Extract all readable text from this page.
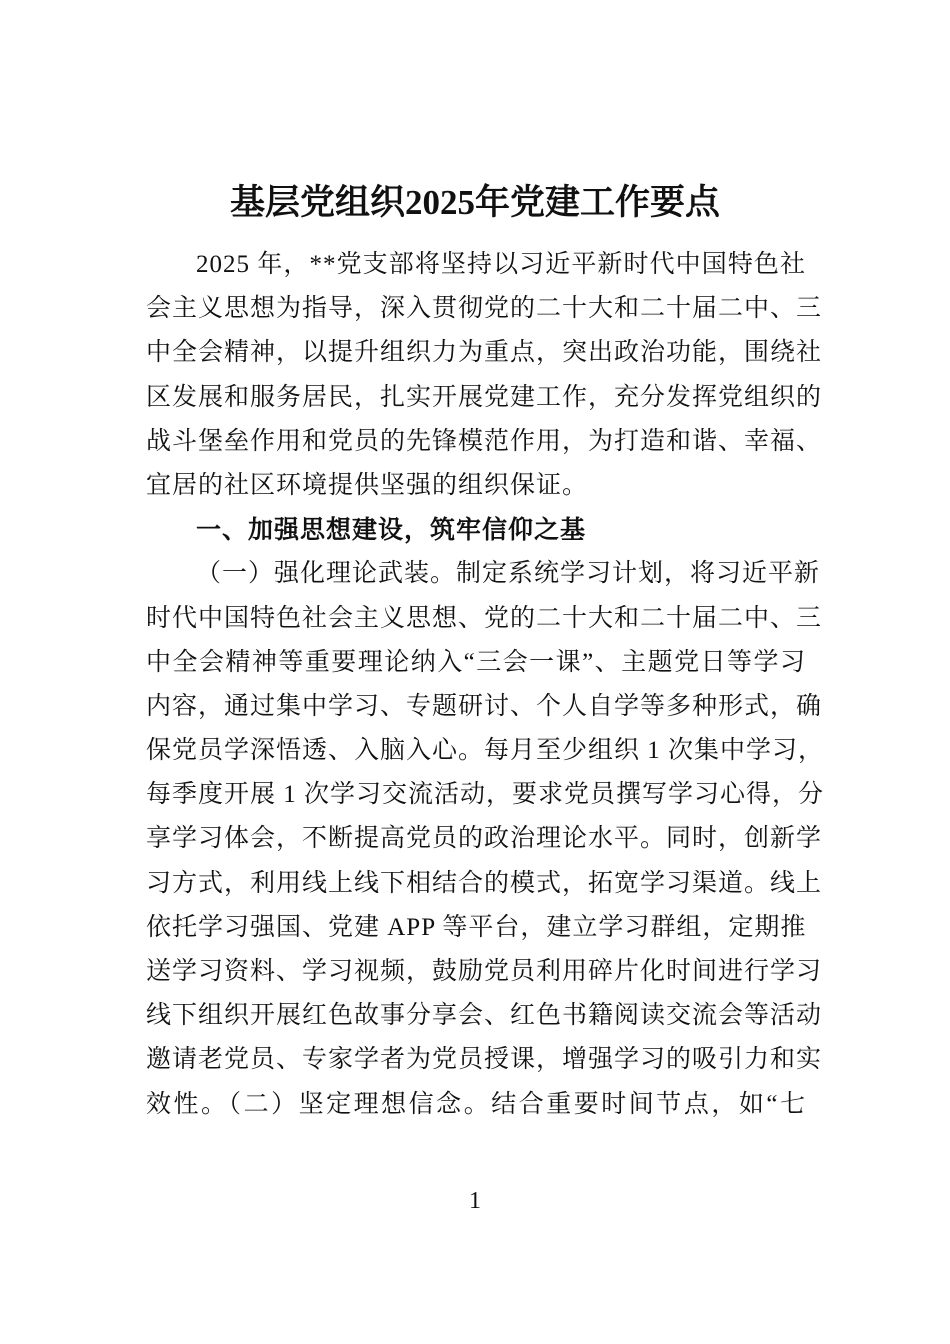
基层党组织2025年党建工作要点
2025 年，**党支部将坚持以习近平新时代中国特色社
会主义思想为指导，深入贯彻党的二十大和二十届二中、三
中全会精神，以提升组织力为重点，突出政治功能，围绕社
区发展和服务居民，扎实开展党建工作，充分发挥党组织的
战斗堡垒作用和党员的先锋模范作用，为打造和谐、幸福、
宜居的社区环境提供坚强的组织保证。
一、加强思想建设，筑牢信仰之基
（一）强化理论武装。制定系统学习计划，将习近平新
时代中国特色社会主义思想、党的二十大和二十届二中、三
中全会精神等重要理论纳入“三会一课”、主题党日等学习
内容，通过集中学习、专题研讨、个人自学等多种形式，确
保党员学深悟透、入脑入心。每月至少组织 1 次集中学习，
每季度开展 1 次学习交流活动，要求党员撰写学习心得，分
享学习体会，不断提高党员的政治理论水平。同时，创新学
习方式，利用线上线下相结合的模式，拓宽学习渠道。线上
依托学习强国、党建 APP 等平台，建立学习群组，定期推
送学习资料、学习视频，鼓励党员利用碎片化时间进行学习
线下组织开展红色故事分享会、红色书籍阅读交流会等活动
邀请老党员、专家学者为党员授课，增强学习的吸引力和实
效性。（二）坚定理想信念。结合重要时间节点，如“七
1
